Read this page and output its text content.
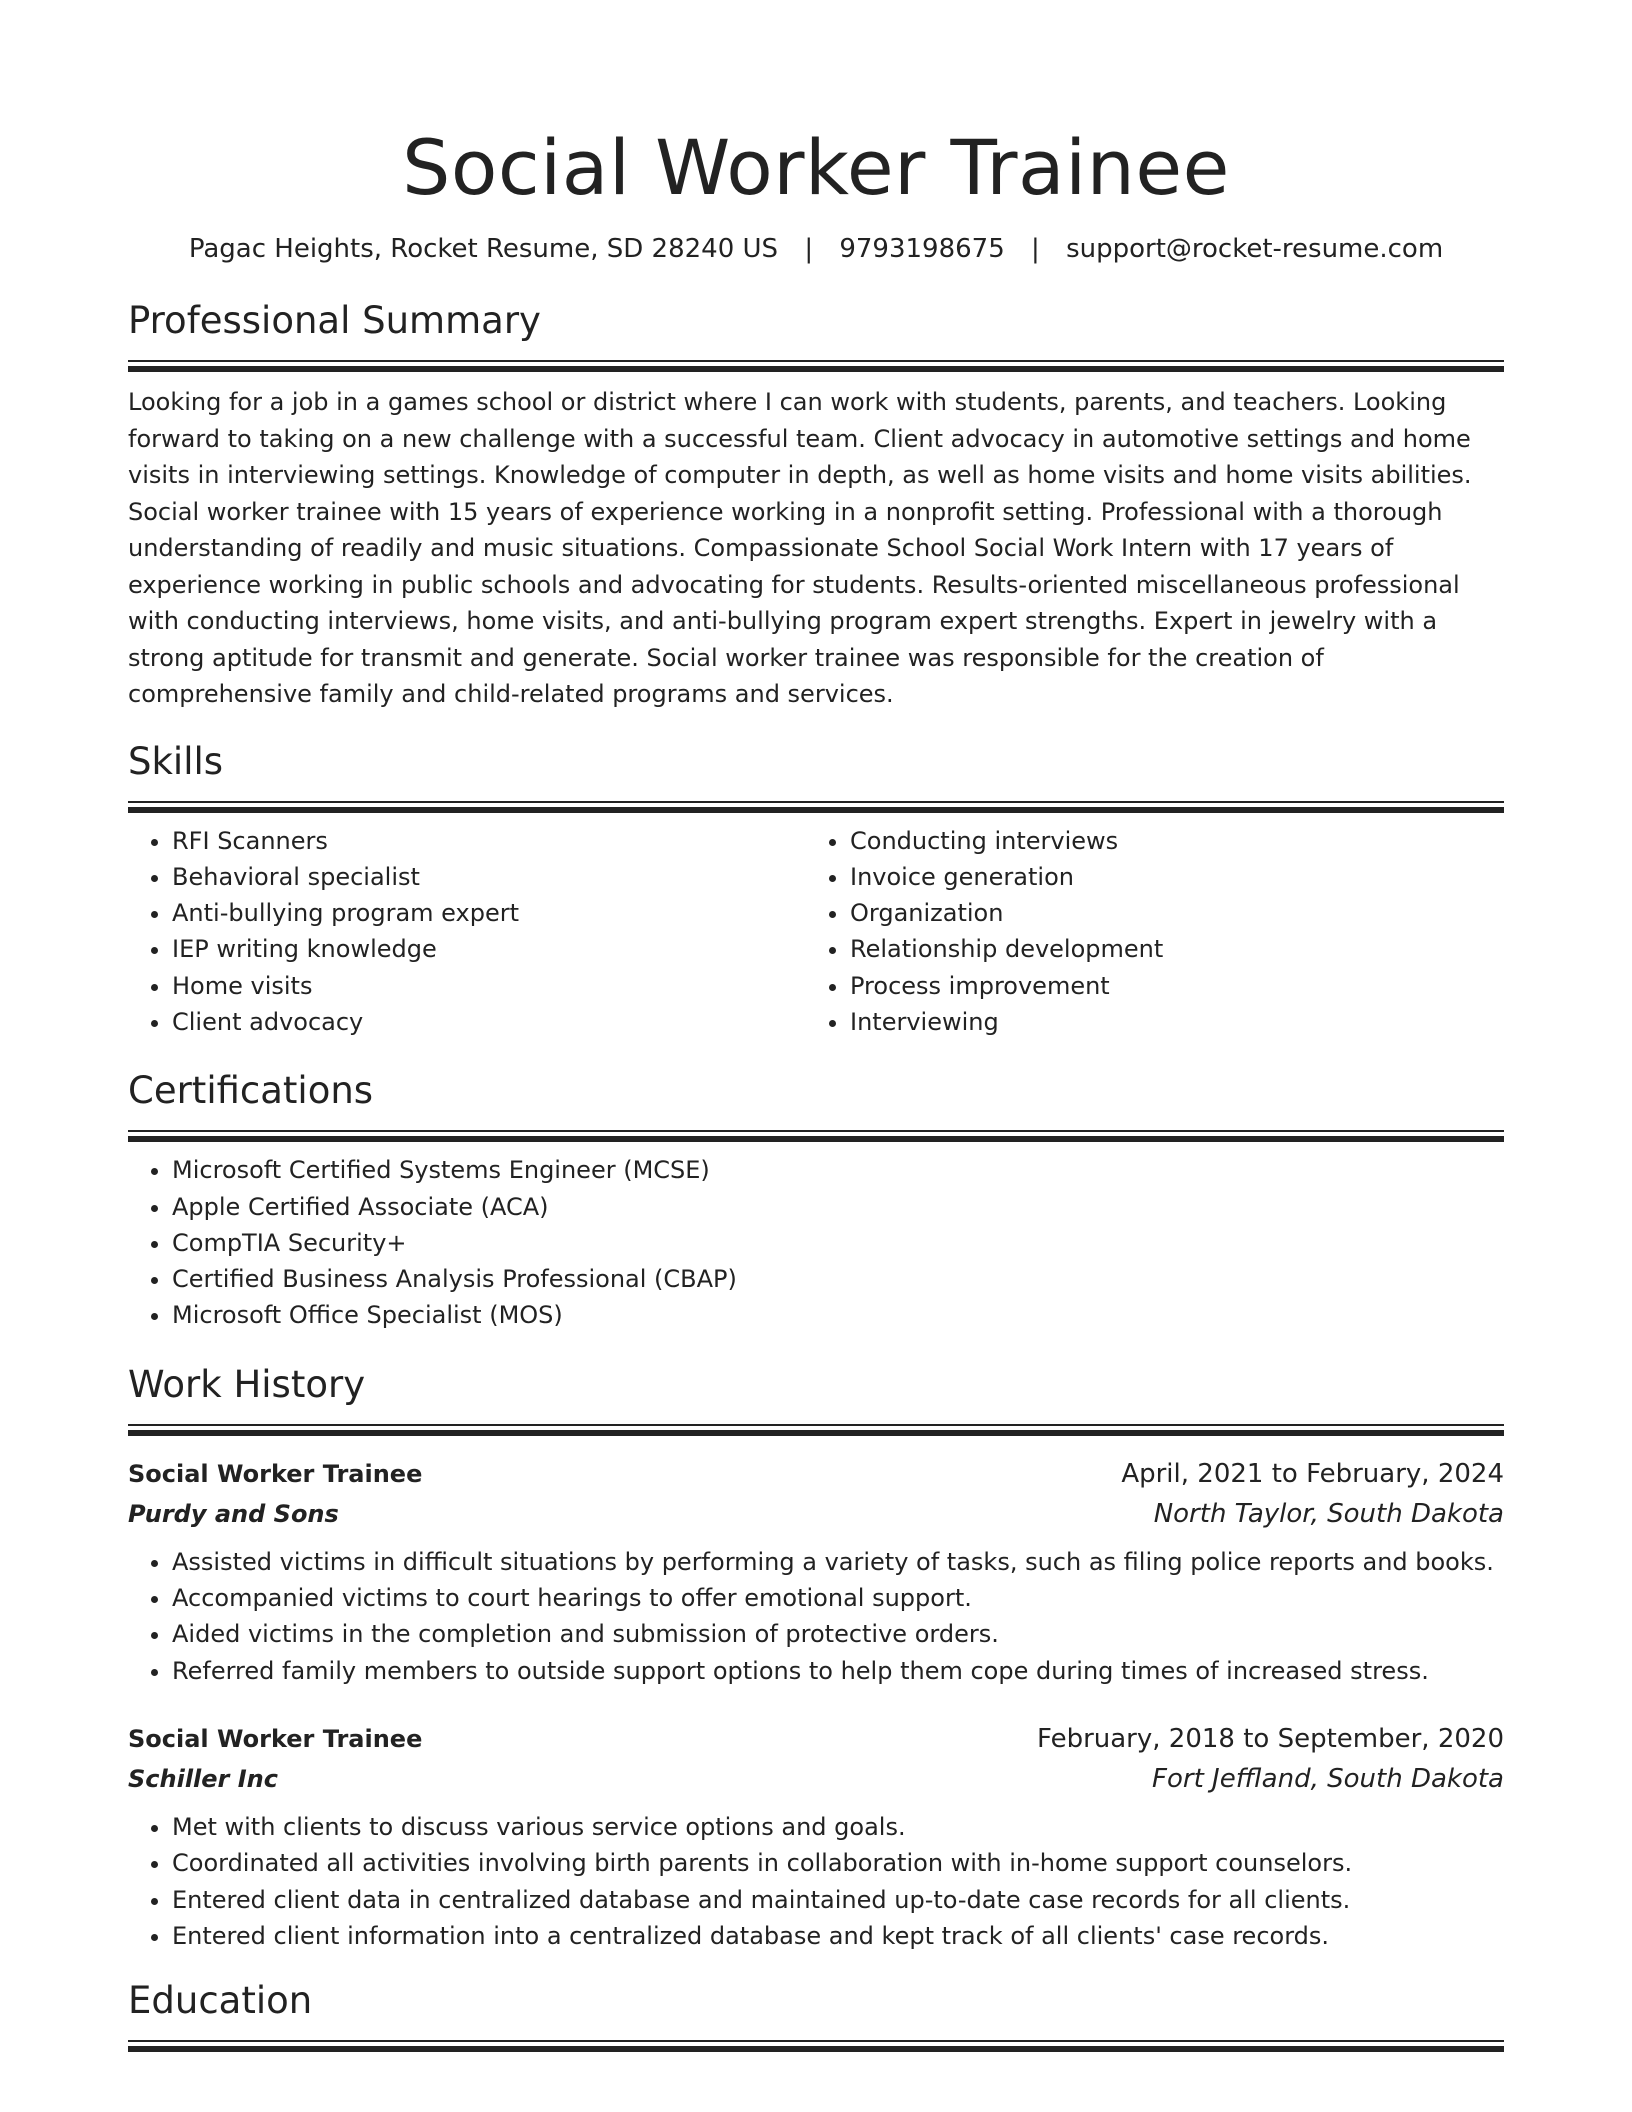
Social Worker Trainee
Pagac Heights, Rocket Resume, SD 28240 US | 9793198675 | support@rocket-resume.com
Professional Summary
Looking for a job in a games school or district where I can work with students, parents, and teachers. Looking forward to taking on a new challenge with a successful team. Client advocacy in automotive settings and home visits in interviewing settings. Knowledge of computer in depth, as well as home visits and home visits abilities. Social worker trainee with 15 years of experience working in a nonprofit setting. Professional with a thorough understanding of readily and music situations. Compassionate School Social Work Intern with 17 years of experience working in public schools and advocating for students. Results-oriented miscellaneous professional with conducting interviews, home visits, and anti-bullying program expert strengths. Expert in jewelry with a strong aptitude for transmit and generate. Social worker trainee was responsible for the creation of comprehensive family and child-related programs and services.
Skills
• RFI Scanners
• Behavioral specialist
• Anti-bullying program expert
• IEP writing knowledge
• Home visits
• Client advocacy
• Conducting interviews
• Invoice generation
• Organization
• Relationship development
• Process improvement
• Interviewing
Certifications
• Microsoft Certified Systems Engineer (MCSE)
• Apple Certified Associate (ACA)
• CompTIA Security+
• Certified Business Analysis Professional (CBAP)
• Microsoft Office Specialist (MOS)
Work History
Social Worker Trainee	April, 2021 to February, 2024
Purdy and Sons	North Taylor, South Dakota
• Assisted victims in difficult situations by performing a variety of tasks, such as filing police reports and books.
• Accompanied victims to court hearings to offer emotional support.
• Aided victims in the completion and submission of protective orders.
• Referred family members to outside support options to help them cope during times of increased stress.
Social Worker Trainee	February, 2018 to September, 2020
Schiller Inc	Fort Jeffland, South Dakota
• Met with clients to discuss various service options and goals.
• Coordinated all activities involving birth parents in collaboration with in-home support counselors.
• Entered client data in centralized database and maintained up-to-date case records for all clients.
• Entered client information into a centralized database and kept track of all clients' case records.
Education
